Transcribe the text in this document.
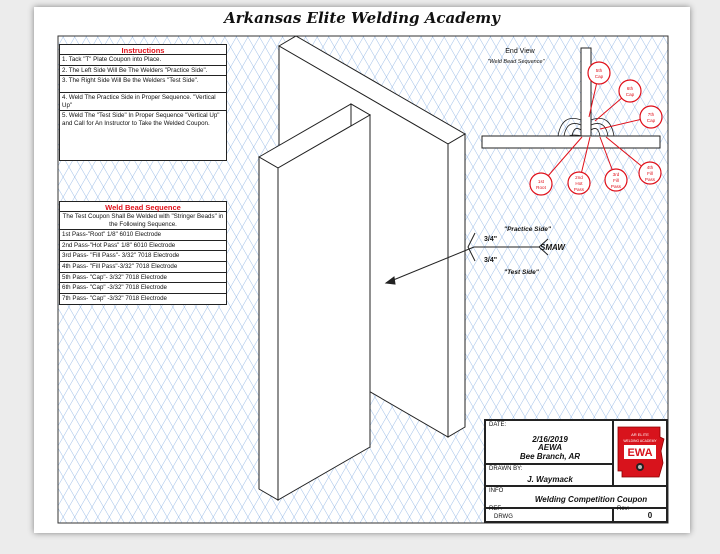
End View
"Weld Bead Sequence"
5th
Cap
6th
Cap
7th
Cap
4th
Fill
Pass
3rd
Fill
Pass
2nd
Hot
Pass
1st
Root
3/4"
3/4"
"Practice Side"
"Test Side"
SMAW
Arkansas Elite Welding Academy
Instructions
1. Tack "T" Plate Coupon into Place.
2. The Left Side Will Be The Welders "Practice Side".
3. The Right Side Will Be the Welders "Test Side".
4. Weld The Practice Side in Proper Sequence. "Vertical Up"
5. Weld The "Test Side" In Proper Sequence "Vertical Up" and Call for An Instructor to Take the Welded Coupon.
Weld Bead Sequence
The Test Coupon Shall Be Welded with "Stringer Beads" in the Following Sequence.
1st Pass-"Root" 1/8" 6010 Electrode
2nd Pass-"Hot Pass" 1/8" 6010 Electrode
3rd Pass- "Fill Pass"- 3/32" 7018 Electrode
4th Pass- "Fill Pass"-3/32" 7018 Electrode
5th Pass- "Cap"- 3/32" 7018 Electrode
6th Pass- "Cap" -3/32" 7018 Electrode
7th Pass- "Cap" -3/32" 7018 Electrode
DATE:
2/16/2019
AEWA
Bee Branch, AR
DRAWN BY:
J. Waymack
AR ELITE
WELDING ACADEMY
EWA
INFO
Welding Competition Coupon
REF.
DRWG
Rev:
0
